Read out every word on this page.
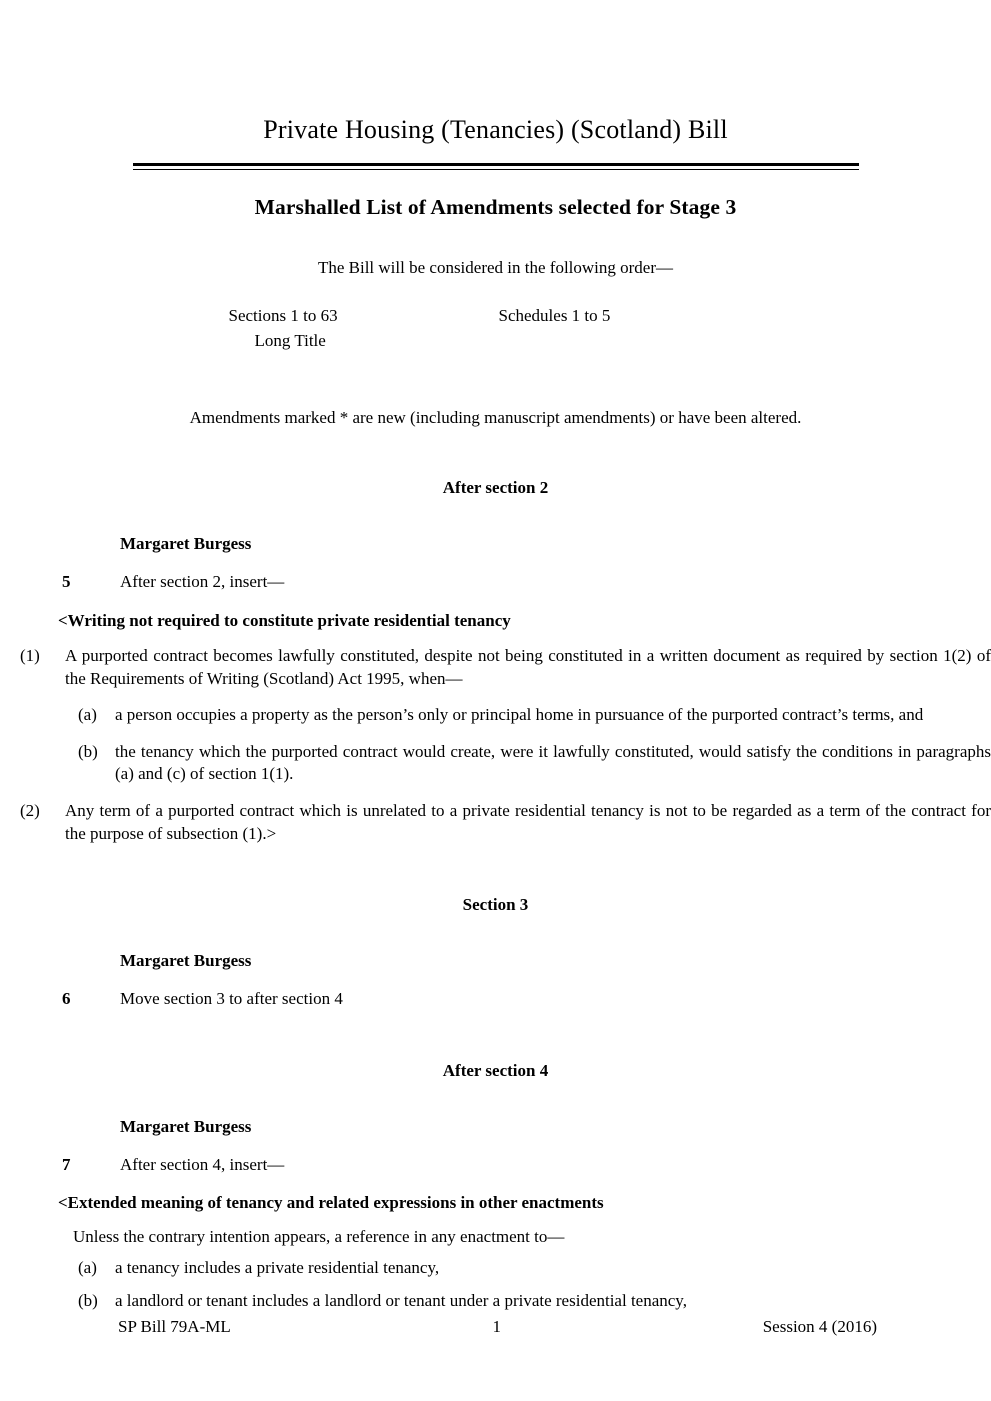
Private Housing (Tenancies) (Scotland) Bill
Marshalled List of Amendments selected for Stage 3
The Bill will be considered in the following order—
Sections 1 to 63
Long Title
Schedules 1 to 5
Amendments marked * are new (including manuscript amendments) or have been altered.
After section 2
Margaret Burgess
5	After section 2, insert—
<Writing not required to constitute private residential tenancy
(1)	A purported contract becomes lawfully constituted, despite not being constituted in a written document as required by section 1(2) of the Requirements of Writing (Scotland) Act 1995, when—
(a)	a person occupies a property as the person’s only or principal home in pursuance of the purported contract’s terms, and
(b)	the tenancy which the purported contract would create, were it lawfully constituted, would satisfy the conditions in paragraphs (a) and (c) of section 1(1).
(2)	Any term of a purported contract which is unrelated to a private residential tenancy is not to be regarded as a term of the contract for the purpose of subsection (1).>
Section 3
Margaret Burgess
6	Move section 3 to after section 4
After section 4
Margaret Burgess
7	After section 4, insert—
<Extended meaning of tenancy and related expressions in other enactments
Unless the contrary intention appears, a reference in any enactment to—
(a)	a tenancy includes a private residential tenancy,
(b)	a landlord or tenant includes a landlord or tenant under a private residential tenancy,
SP Bill 79A-ML	1	Session 4 (2016)
